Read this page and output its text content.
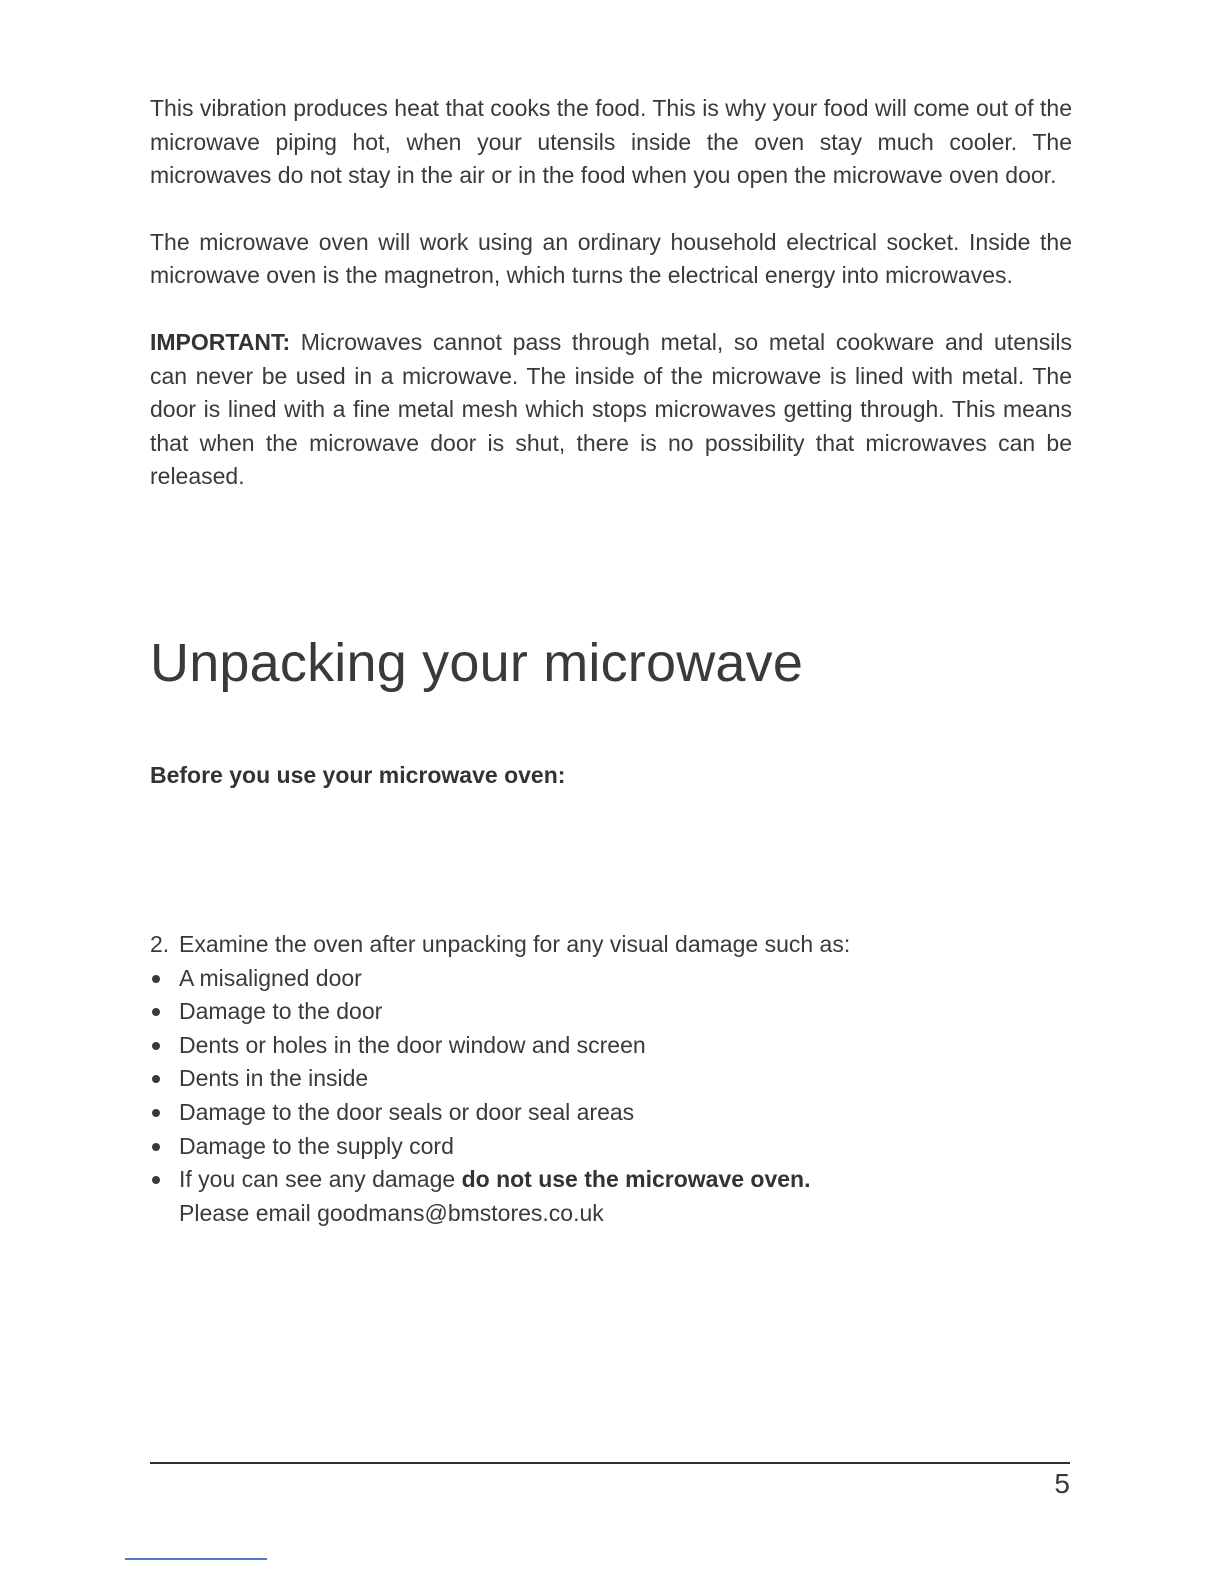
This vibration produces heat that cooks the food. This is why your food will come out of the microwave piping hot, when your utensils inside the oven stay much cooler. The microwaves do not stay in the air or in the food when you open the microwave oven door.

The microwave oven will work using an ordinary household electrical socket. Inside the microwave oven is the magnetron, which turns the electrical energy into microwaves.

IMPORTANT: Microwaves cannot pass through metal, so metal cookware and utensils can never be used in a microwave. The inside of the microwave is lined with metal. The door is lined with a fine metal mesh which stops microwaves getting through. This means that when the microwave door is shut, there is no possibility that microwaves can be released.

Unpacking your microwave
Before you use your microwave oven:

2. Examine the oven after unpacking for any visual damage such as:

A misaligned door
Damage to the door
Dents or holes in the door window and screen
Dents in the inside
Damage to the door seals or door seal areas
Damage to the supply cord
If you can see any damage do not use the microwave oven.
Please email goodmans@bmstores.co.uk
5
